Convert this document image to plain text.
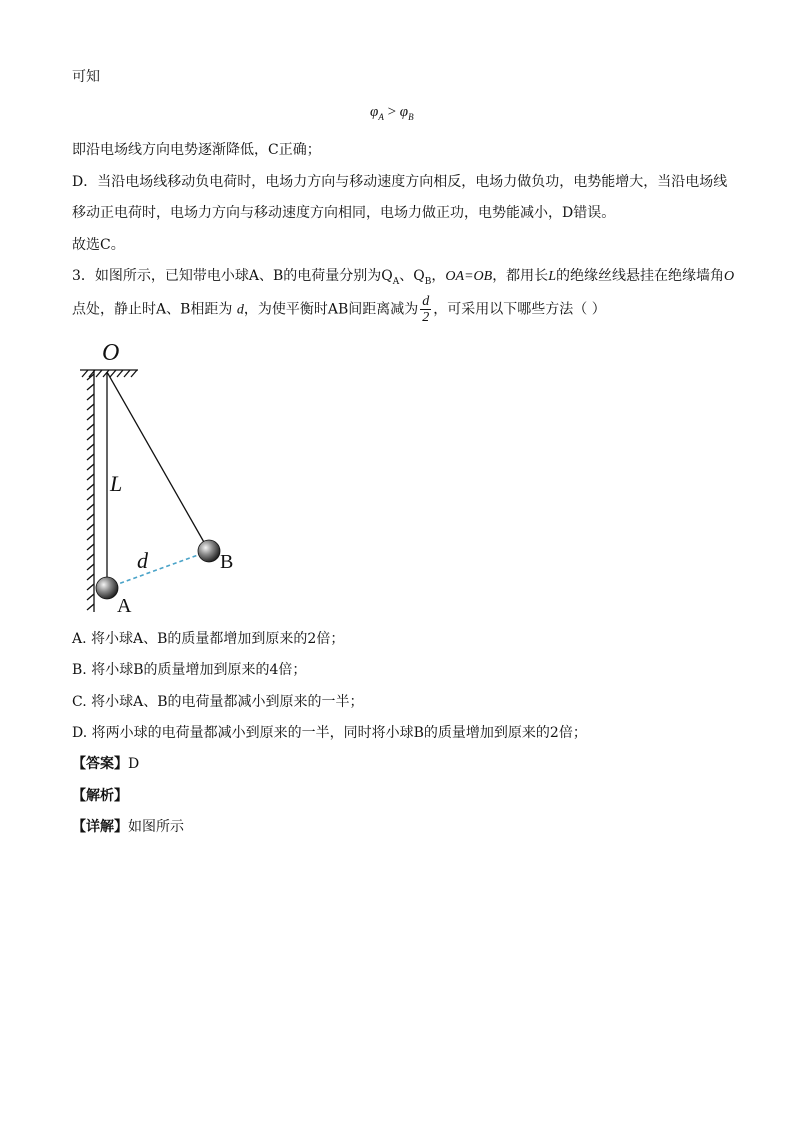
可知
$\varphi_A > \varphi_B$
即沿电场线方向电势逐渐降低，C正确；
D．当沿电场线移动负电荷时，电场力方向与移动速度方向相反，电场力做负功，电势能增大，当沿电场线
移动正电荷时，电场力方向与移动速度方向相同，电场力做正功，电势能减小，D错误。
故选C。
3．如图所示，已知带电小球A、B的电荷量分别为$Q_A$、$Q_B$，OA=OB，都用长L的绝缘丝线悬挂在绝缘墙角O
点处，静止时A、B相距为 d，为使平衡时AB间距离减为 $\frac{d}{2}$ ，可采用以下哪些方法（ ）
O
L
d
A
B
A. 将小球A、B的质量都增加到原来的2倍；
B. 将小球B的质量增加到原来的4倍；
C. 将小球A、B的电荷量都减小到原来的一半；
D. 将两小球的电荷量都减小到原来的一半，同时将小球B的质量增加到原来的2倍；
【答案】D
【解析】
【详解】如图所示
